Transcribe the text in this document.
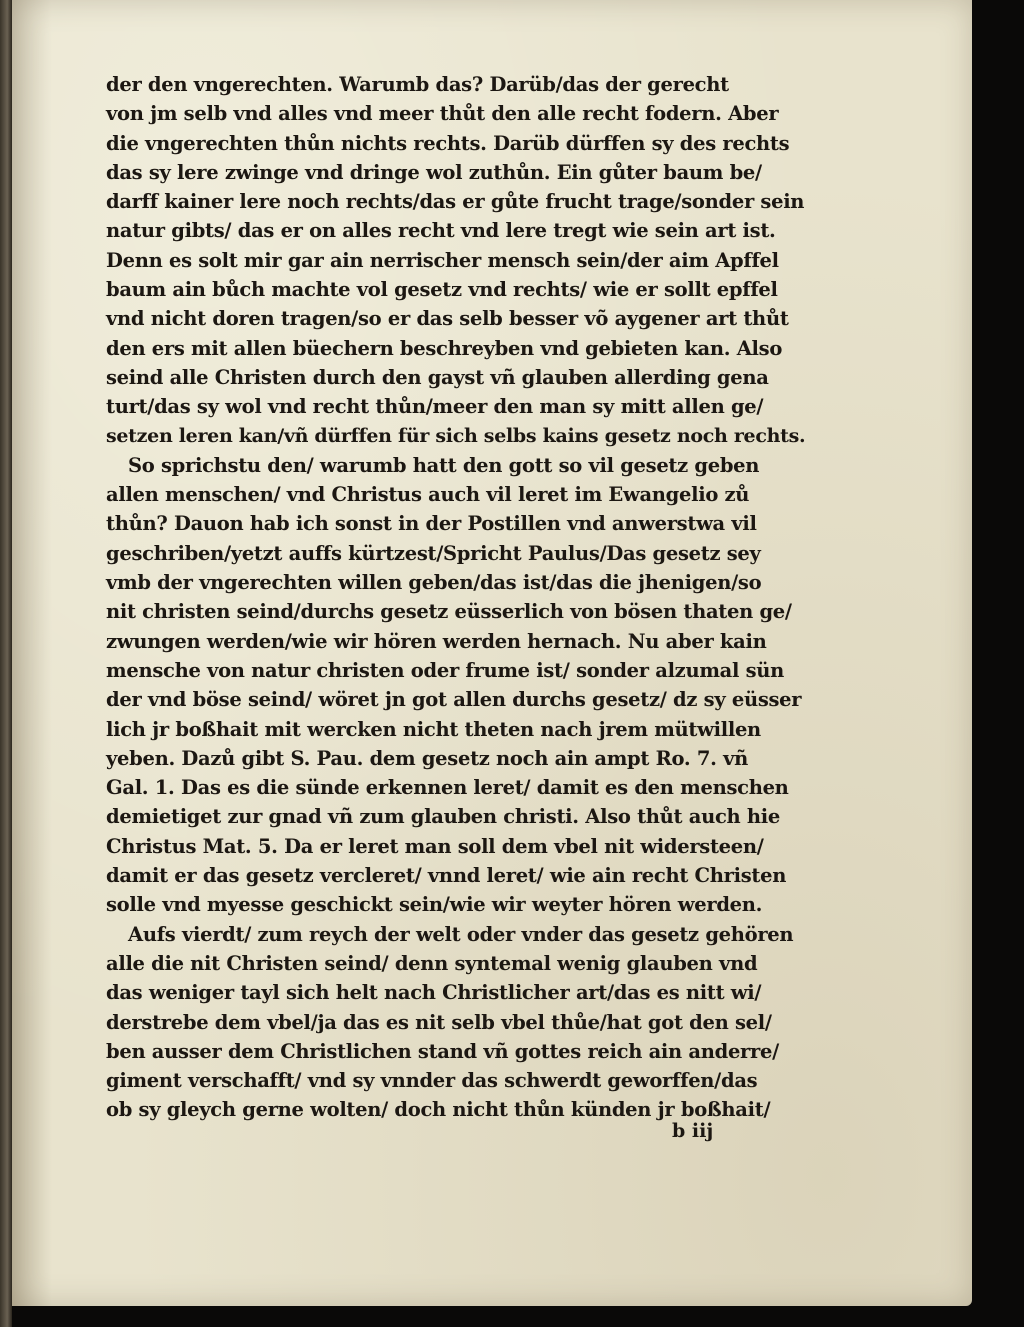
der den vngerechten. Warumb das? Darüb/das der gerecht
von jm selb vnd alles vnd meer thůt den alle recht fodern. Aber
die vngerechten thůn nichts rechts. Darüb dürffen sy des rechts
das sy lere zwinge vnd dringe wol zuthůn. Ein gůter baum be/
darff kainer lere noch rechts/das er gůte frucht trage/sonder sein
natur gibts/ das er on alles recht vnd lere tregt wie sein art ist.
Denn es solt mir gar ain nerrischer mensch sein/der aim Apffel
baum ain bůch machte vol gesetz vnd rechts/ wie er sollt epffel
vnd nicht doren tragen/so er das selb besser võ aygener art thůt
den ers mit allen büechern beschreyben vnd gebieten kan. Also
seind alle Christen durch den gayst vñ glauben allerding gena
turt/das sy wol vnd recht thůn/meer den man sy mitt allen ge/
setzen leren kan/vñ dürffen für sich selbs kains gesetz noch rechts.
So sprichstu den/ warumb hatt den gott so vil gesetz geben
allen menschen/ vnd Christus auch vil leret im Ewangelio zů
thůn? Dauon hab ich sonst in der Postillen vnd anwerstwa vil
geschriben/yetzt auffs kürtzest/Spricht Paulus/Das gesetz sey
vmb der vngerechten willen geben/das ist/das die jhenigen/so
nit christen seind/durchs gesetz eüsserlich von bösen thaten ge/
zwungen werden/wie wir hören werden hernach. Nu aber kain
mensche von natur christen oder frume ist/ sonder alzumal sün
der vnd böse seind/ wöret jn got allen durchs gesetz/ dz sy eüsser
lich jr boßhait mit wercken nicht theten nach jrem mütwillen
yeben. Dazů gibt S. Pau. dem gesetz noch ain ampt Ro. 7. vñ
Gal. 1. Das es die sünde erkennen leret/ damit es den menschen
demietiget zur gnad vñ zum glauben christi. Also thůt auch hie
Christus Mat. 5. Da er leret man soll dem vbel nit widersteen/
damit er das gesetz vercleret/ vnnd leret/ wie ain recht Christen
solle vnd myesse geschickt sein/wie wir weyter hören werden.
Aufs vierdt/ zum reych der welt oder vnder das gesetz gehören
alle die nit Christen seind/ denn syntemal wenig glauben vnd
das weniger tayl sich helt nach Christlicher art/das es nitt wi/
derstrebe dem vbel/ja das es nit selb vbel thůe/hat got den sel/
ben ausser dem Christlichen stand vñ gottes reich ain anderre/
giment verschafft/ vnd sy vnnder das schwerdt geworffen/das
ob sy gleych gerne wolten/ doch nicht thůn künden jr boßhait/
b iij
